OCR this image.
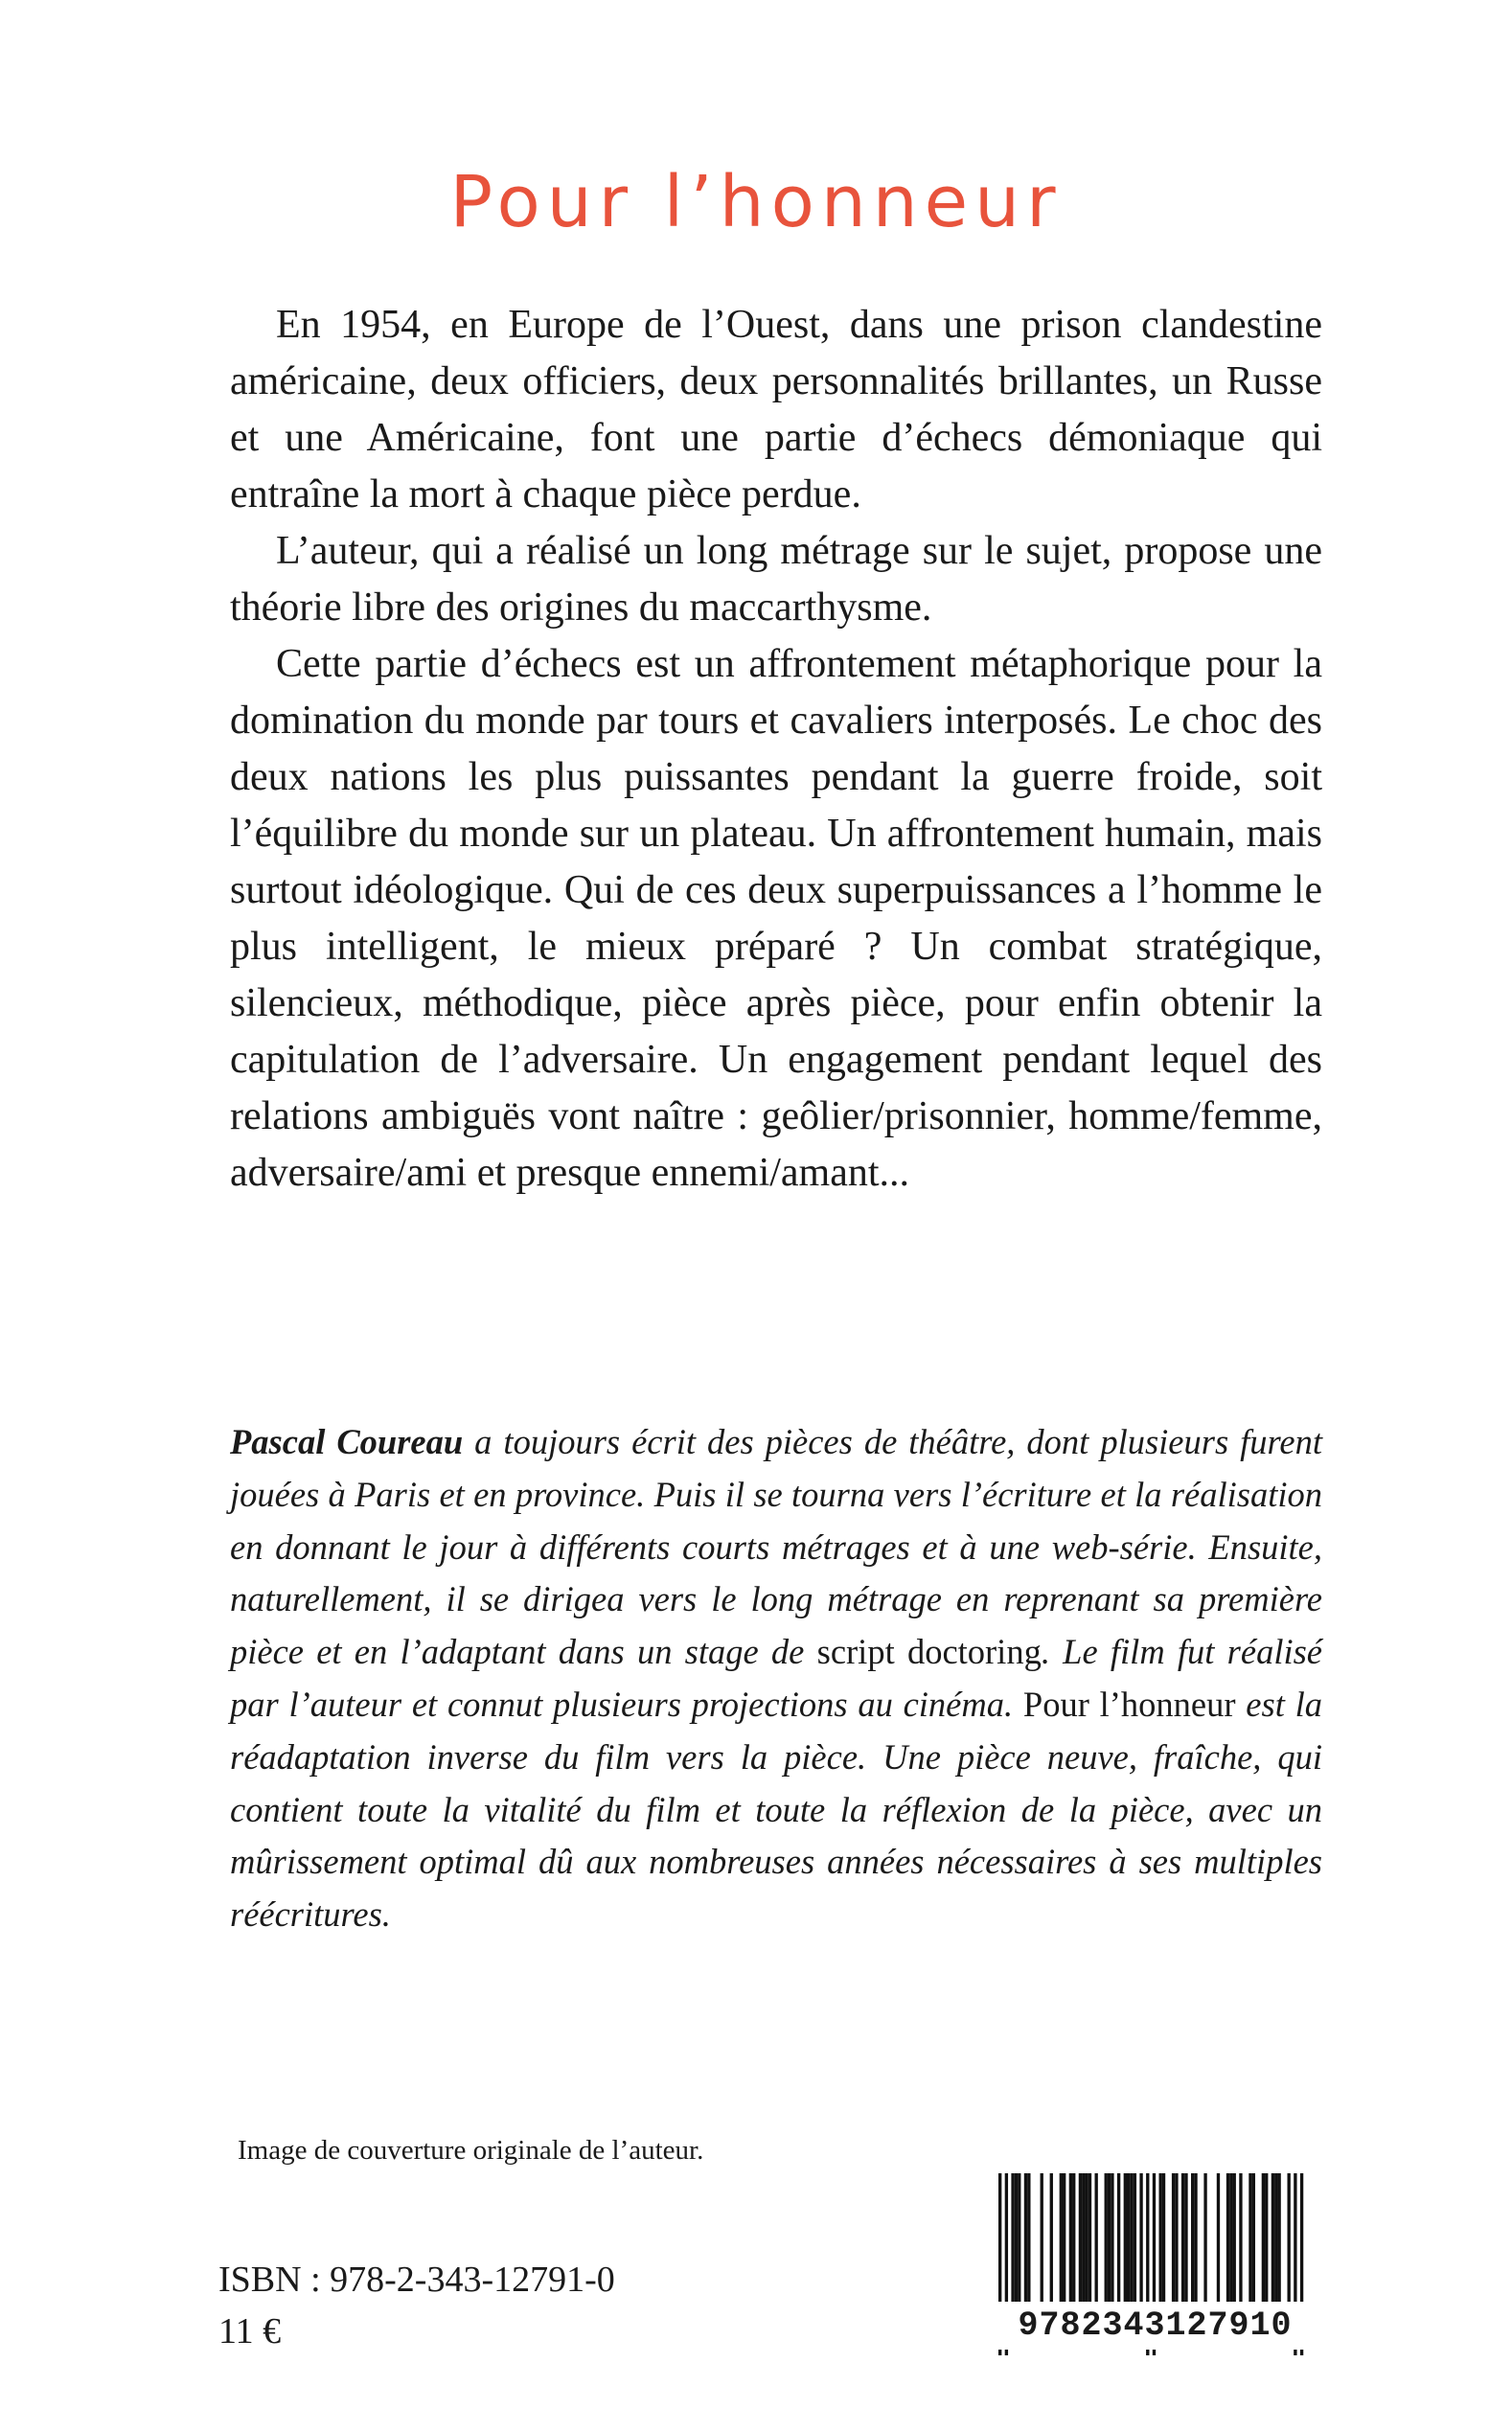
Pour l’honneur

En 1954, en Europe de l’Ouest, dans une prison clandestine américaine, deux officiers, deux personnalités brillantes, un Russe et une Américaine, font une partie d’échecs démoniaque qui entraîne la mort à chaque pièce perdue.

L’auteur, qui a réalisé un long métrage sur le sujet, propose une théorie libre des origines du maccarthysme.

Cette partie d’échecs est un affrontement métaphorique pour la domination du monde par tours et cavaliers interposés. Le choc des deux nations les plus puissantes pendant la guerre froide, soit l’équilibre du monde sur un plateau. Un affrontement humain, mais surtout idéologique. Qui de ces deux superpuissances a l’homme le plus intelligent, le mieux préparé ? Un combat stratégique, silencieux, méthodique, pièce après pièce, pour enfin obtenir la capitulation de l’adversaire. Un engagement pendant lequel des relations ambiguës vont naître : geôlier/prisonnier, homme/femme, adversaire/ami et presque ennemi/amant...

Pascal Coureau a toujours écrit des pièces de théâtre, dont plusieurs furent jouées à Paris et en province. Puis il se tourna vers l’écriture et la réalisation en donnant le jour à différents courts métrages et à une web-série. Ensuite, naturellement, il se dirigea vers le long métrage en reprenant sa première pièce et en l’adaptant dans un stage de script doctoring. Le film fut réalisé par l’auteur et connut plusieurs projections au cinéma. Pour l’honneur est la réadaptation inverse du film vers la pièce. Une pièce neuve, fraîche, qui contient toute la vitalité du film et toute la réflexion de la pièce, avec un mûrissement optimal dû aux nombreuses années nécessaires à ses multiples réécritures.

Image de couverture originale de l’auteur.

ISBN : 978-2-343-12791-0

11 €	9782343127910
